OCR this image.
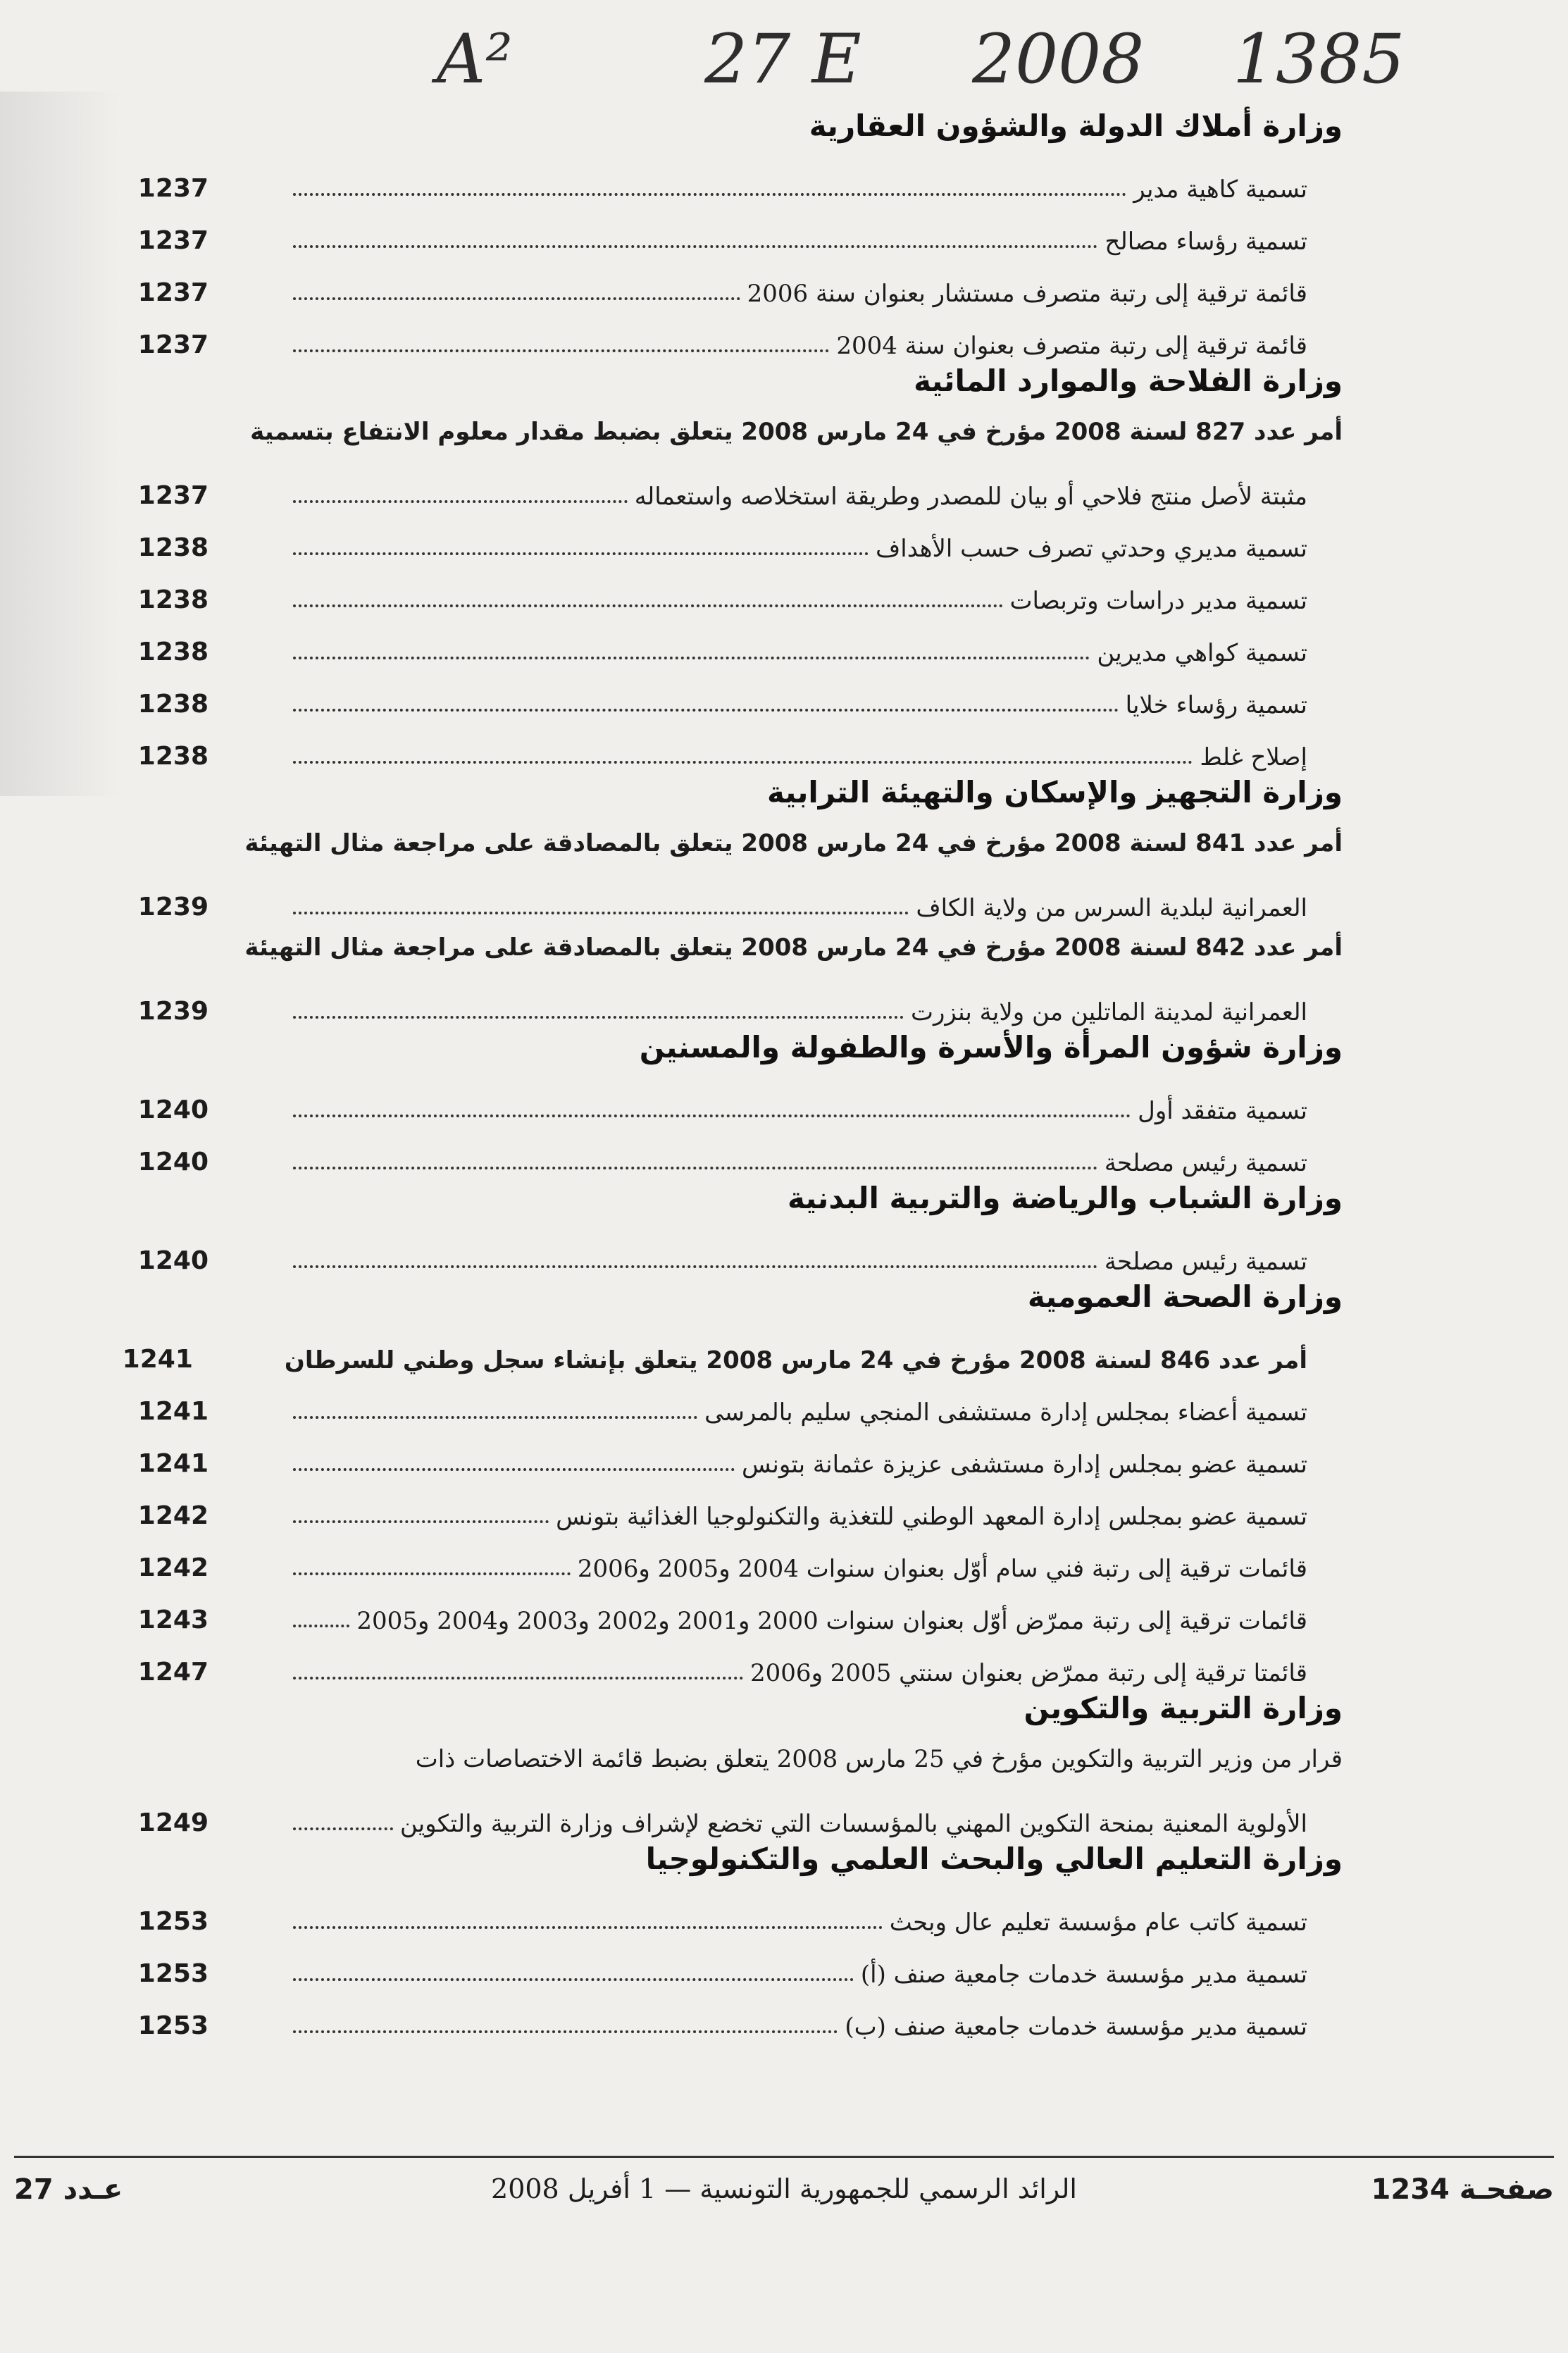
A²	27 E 2008 1385
وزارة أملاك الدولة والشؤون العقارية
تسمية كاهية مدير
1237
تسمية رؤساء مصالح
1237
قائمة ترقية إلى رتبة متصرف مستشار بعنوان سنة 2006
1237
قائمة ترقية إلى رتبة متصرف بعنوان سنة 2004
1237
وزارة الفلاحة والموارد المائية
أمر عدد 827 لسنة 2008 مؤرخ في 24 مارس 2008 يتعلق بضبط مقدار معلوم الانتفاع بتسمية
مثبتة لأصل منتج فلاحي أو بيان للمصدر وطريقة استخلاصه واستعماله
1237
تسمية مديري وحدتي تصرف حسب الأهداف
1238
تسمية مدير دراسات وتربصات
1238
تسمية كواهي مديرين
1238
تسمية رؤساء خلايا
1238
إصلاح غلط
1238
وزارة التجهيز والإسكان والتهيئة الترابية
أمر عدد 841 لسنة 2008 مؤرخ في 24 مارس 2008 يتعلق بالمصادقة على مراجعة مثال التهيئة
العمرانية لبلدية السرس من ولاية الكاف
1239
أمر عدد 842 لسنة 2008 مؤرخ في 24 مارس 2008 يتعلق بالمصادقة على مراجعة مثال التهيئة
العمرانية لمدينة الماتلين من ولاية بنزرت
1239
وزارة شؤون المرأة والأسرة والطفولة والمسنين
تسمية متفقد أول
1240
تسمية رئيس مصلحة
1240
وزارة الشباب والرياضة والتربية البدنية
تسمية رئيس مصلحة
1240
وزارة الصحة العمومية
أمر عدد 846 لسنة 2008 مؤرخ في 24 مارس 2008 يتعلق بإنشاء سجل وطني للسرطان
1241
تسمية أعضاء بمجلس إدارة مستشفى المنجي سليم بالمرسى
1241
تسمية عضو بمجلس إدارة مستشفى عزيزة عثمانة بتونس
1241
تسمية عضو بمجلس إدارة المعهد الوطني للتغذية والتكنولوجيا الغذائية بتونس
1242
قائمات ترقية إلى رتبة فني سام أوّل بعنوان سنوات 2004 و2005 و2006
1242
قائمات ترقية إلى رتبة ممرّض أوّل بعنوان سنوات 2000 و2001 و2002 و2003 و2004 و2005
1243
قائمتا ترقية إلى رتبة ممرّض بعنوان سنتي 2005 و2006
1247
وزارة التربية والتكوين
قرار من وزير التربية والتكوين مؤرخ في 25 مارس 2008 يتعلق بضبط قائمة الاختصاصات ذات
الأولوية المعنية بمنحة التكوين المهني بالمؤسسات التي تخضع لإشراف وزارة التربية والتكوين
1249
وزارة التعليم العالي والبحث العلمي والتكنولوجيا
تسمية كاتب عام مؤسسة تعليم عال وبحث
1253
تسمية مدير مؤسسة خدمات جامعية صنف (أ)
1253
تسمية مدير مؤسسة خدمات جامعية صنف (ب)
1253
صفحـة 1234
الرائد الرسمي للجمهورية التونسية — 1 أفريل 2008
عـدد 27
